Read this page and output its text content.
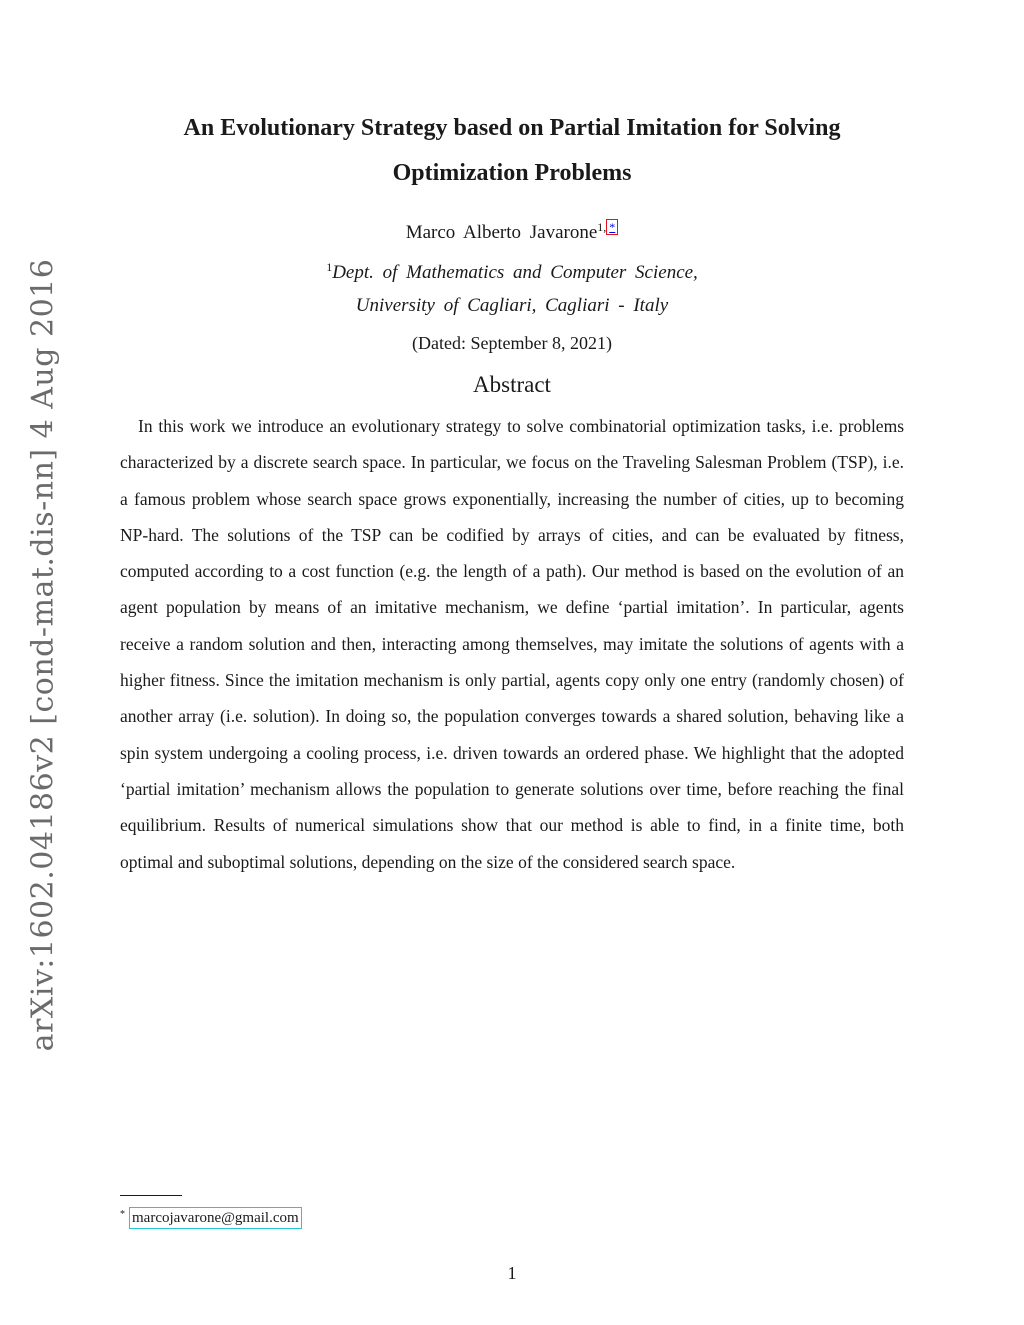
arXiv:1602.04186v2 [cond-mat.dis-nn] 4 Aug 2016
An Evolutionary Strategy based on Partial Imitation for Solving
Optimization Problems
Marco Alberto Javarone$^{1,}$ *
$^1$Dept. of Mathematics and Computer Science,
University of Cagliari, Cagliari - Italy
(Dated: September 8, 2021)
Abstract
In this work we introduce an evolutionary strategy to solve combinatorial optimization tasks, i.e. problems characterized by a discrete search space. In particular, we focus on the Traveling Salesman Problem (TSP), i.e. a famous problem whose search space grows exponentially, increasing the number of cities, up to becoming NP-hard. The solutions of the TSP can be codified by arrays of cities, and can be evaluated by fitness, computed according to a cost function (e.g. the length of a path). Our method is based on the evolution of an agent population by means of an imitative mechanism, we define ‘partial imitation’. In particular, agents receive a random solution and then, interacting among themselves, may imitate the solutions of agents with a higher fitness. Since the imitation mechanism is only partial, agents copy only one entry (randomly chosen) of another array (i.e. solution). In doing so, the population converges towards a shared solution, behaving like a spin system undergoing a cooling process, i.e. driven towards an ordered phase. We highlight that the adopted ‘partial imitation’ mechanism allows the population to generate solutions over time, before reaching the final equilibrium. Results of numerical simulations show that our method is able to find, in a finite time, both optimal and suboptimal solutions, depending on the size of the considered search space.
* marcojavarone@gmail.com
1
